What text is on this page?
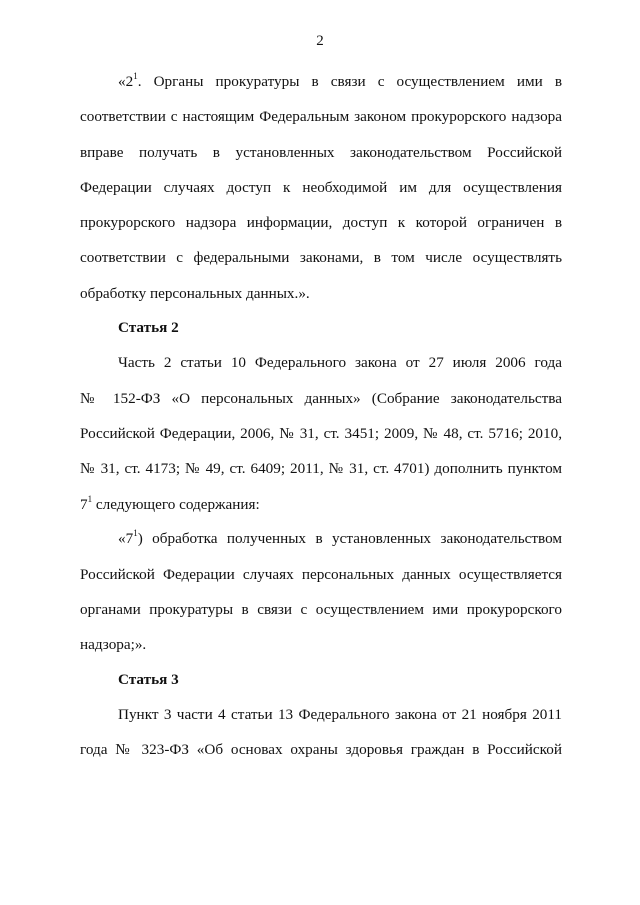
2
«$2^1$. Органы прокуратуры в связи с осуществлением ими в
соответствии с настоящим Федеральным законом прокурорского надзора
вправе получать в установленных законодательством Российской
Федерации случаях доступ к необходимой им для осуществления
прокурорского надзора информации, доступ к которой ограничен в
соответствии с федеральными законами, в том числе осуществлять
обработку персональных данных.».
Статья 2
Часть 2 статьи 10 Федерального закона от 27 июля 2006 года
№ 152-ФЗ «О персональных данных» (Собрание законодательства
Российской Федерации, 2006, № 31, ст. 3451; 2009, № 48, ст. 5716; 2010,
№ 31, ст. 4173; № 49, ст. 6409; 2011, № 31, ст. 4701) дополнить пунктом
$7^1$ следующего содержания:
«$7^1$) обработка полученных в установленных законодательством
Российской Федерации случаях персональных данных осуществляется
органами прокуратуры в связи с осуществлением ими прокурорского
надзора;».
Статья 3
Пункт 3 части 4 статьи 13 Федерального закона от 21 ноября 2011
года № 323-ФЗ «Об основах охраны здоровья граждан в Российской
